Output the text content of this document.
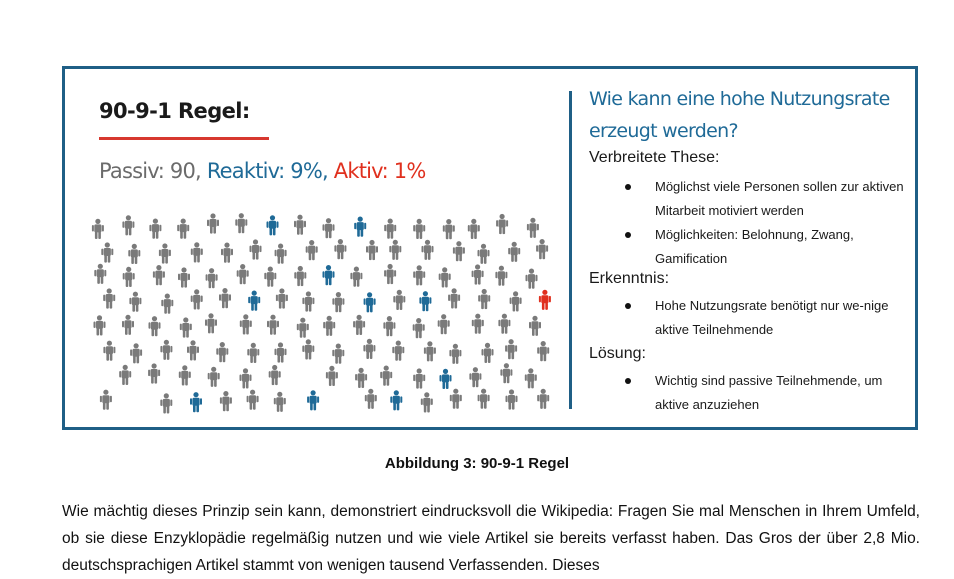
90-9-1 Regel:

Passiv: 90, Reaktiv: 9%, Aktiv: 1%

Wie kann eine hohe Nutzungsrate erzeugt werden?

Verbreitete These:

Möglichst viele Personen sollen zur aktiven Mitarbeit motiviert werden
Möglichkeiten: Belohnung, Zwang, Gamification

Erkenntnis:

Hohe Nutzungsrate benötigt nur we-nige aktive Teilnehmende

Lösung:

Wichtig sind passive Teilnehmende, um aktive anzuziehen

Abbildung 3: 90-9-1 Regel

Wie mächtig dieses Prinzip sein kann, demonstriert eindrucksvoll die Wikipedia: Fragen Sie mal Menschen in Ihrem Umfeld, ob sie diese Enzyklopädie regelmäßig nutzen und wie viele Artikel sie bereits verfasst haben. Das Gros der über 2,8 Mio. deutschsprachigen Artikel stammt von wenigen tausend Verfassenden. Dieses
